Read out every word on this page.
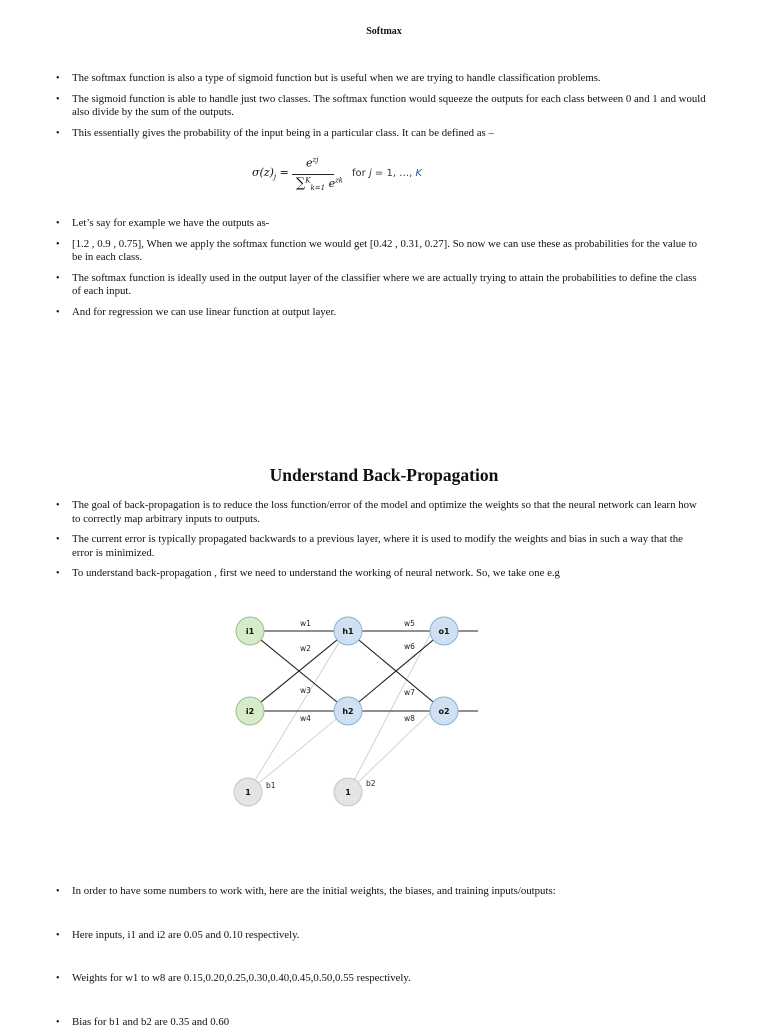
Softmax
• The softmax function is also a type of sigmoid function but is useful when we are trying to handle classification problems.
• The sigmoid function is able to handle just two classes. The softmax function would squeeze the outputs for each class between 0 and 1 and would also divide by the sum of the outputs.
• This essentially gives the probability of the input being in a particular class. It can be defined as –
$\sigma(z)_j$ =
$e^{zj}$
∑$^K_{k=1}$ $e^{zk}$
for j = 1, …, K
• Let’s say for example we have the outputs as-
• [1.2 , 0.9 , 0.75], When we apply the softmax function we would get [0.42 , 0.31, 0.27]. So now we can use these as probabilities for the value to be in each class.
• The softmax function is ideally used in the output layer of the classifier where we are actually trying to attain the probabilities to define the class of each input.
• And for regression we can use linear function at output layer.
Understand Back-Propagation
• The goal of back-propagation is to reduce the loss function/error of the model and optimize the weights so that the neural network can learn how to correctly map arbitrary inputs to outputs.
• The current error is typically propagated backwards to a previous layer, where it is used to modify the weights and bias in such a way that the error is minimized.
• To understand back-propagation , first we need to understand the working of neural network. So, we take one e.g
w1
w2
w3
w4
w5
w6
w7
w8
b1	b2
i1
i2
h1
h2
o1
o2
1	1
• In order to have some numbers to work with, here are the initial weights, the biases, and training inputs/outputs:
• Here inputs, i1 and i2 are 0.05 and 0.10 respectively.
• Weights for w1 to w8 are 0.15,0.20,0.25,0.30,0.40,0.45,0.50,0.55 respectively.
• Bias for b1 and b2 are 0.35 and 0.60
